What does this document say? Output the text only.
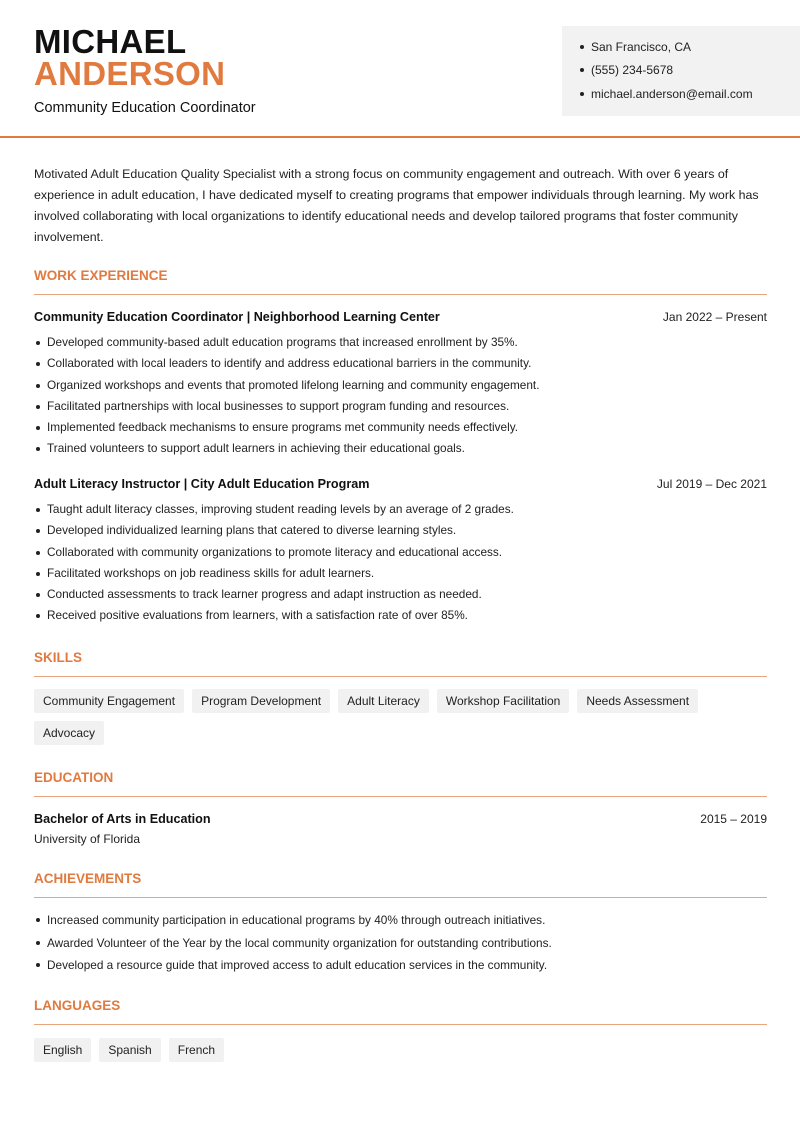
MICHAEL
ANDERSON
Community Education Coordinator
San Francisco, CA
(555) 234-5678
michael.anderson@email.com

Motivated Adult Education Quality Specialist with a strong focus on community engagement and outreach. With over 6 years of experience in adult education, I have dedicated myself to creating programs that empower individuals through learning. My work has involved collaborating with local organizations to identify educational needs and develop tailored programs that foster community involvement.

WORK EXPERIENCE
Community Education Coordinator | Neighborhood Learning Center	Jan 2022 – Present
Developed community-based adult education programs that increased enrollment by 35%.
Collaborated with local leaders to identify and address educational barriers in the community.
Organized workshops and events that promoted lifelong learning and community engagement.
Facilitated partnerships with local businesses to support program funding and resources.
Implemented feedback mechanisms to ensure programs met community needs effectively.
Trained volunteers to support adult learners in achieving their educational goals.
Adult Literacy Instructor | City Adult Education Program	Jul 2019 – Dec 2021
Taught adult literacy classes, improving student reading levels by an average of 2 grades.
Developed individualized learning plans that catered to diverse learning styles.
Collaborated with community organizations to promote literacy and educational access.
Facilitated workshops on job readiness skills for adult learners.
Conducted assessments to track learner progress and adapt instruction as needed.
Received positive evaluations from learners, with a satisfaction rate of over 85%.
SKILLS
Community Engagement	Program Development	Adult Literacy	Workshop Facilitation	Needs Assessment
Advocacy
EDUCATION
Bachelor of Arts in Education
University of Florida
2015 – 2019
ACHIEVEMENTS
Increased community participation in educational programs by 40% through outreach initiatives.
Awarded Volunteer of the Year by the local community organization for outstanding contributions.
Developed a resource guide that improved access to adult education services in the community.
LANGUAGES
English	Spanish	French
